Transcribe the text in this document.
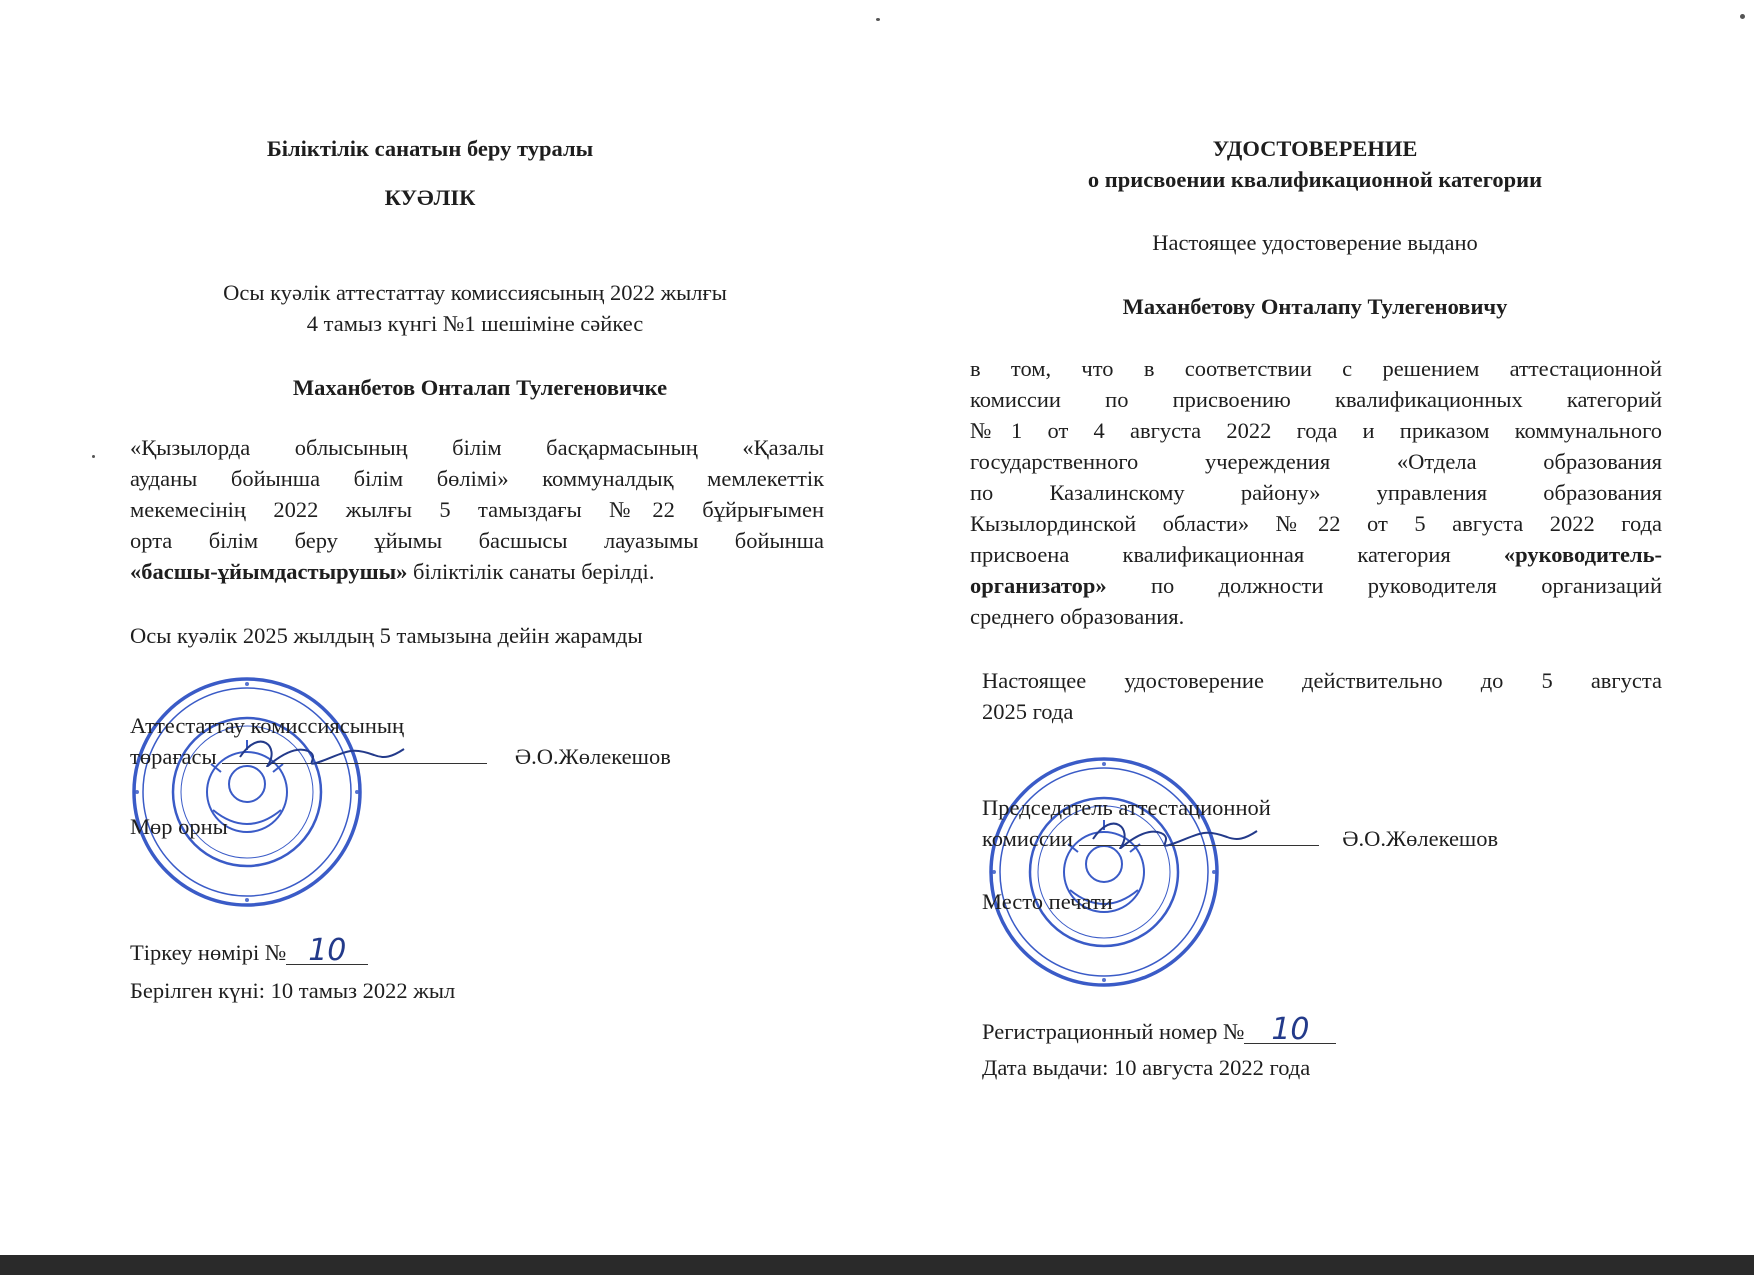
Біліктілік санатын беру туралы
КУӘЛІК
Осы куәлік аттестаттау комиссиясының 2022 жылғы
4 тамыз күнгі №1 шешіміне сәйкес
Маханбетов Онталап Тулегеновичке
«Қызылорда облысының білім басқармасының «Қазалы
ауданы бойынша білім бөлімі» коммуналдық мемлекеттік
мекемесінің 2022 жылғы 5 тамыздағы №22 бұйрығымен
орта білім беру ұйымы басшысы лауазымы бойынша
«басшы-ұйымдастырушы» біліктілік санаты берілді.
Осы куәлік 2025 жылдың 5 тамызына дейін жарамды
Аттестаттау комиссиясының
төрағасы	Ә.О.Жөлекешов
Мөр орны
Тіркеу нөмірі № 10
Берілген күні: 10 тамыз 2022 жыл
УДОСТОВЕРЕНИЕ
о присвоении квалификационной категории
Настоящее удостоверение выдано
Маханбетову Онталапу Тулегеновичу
в том, что в соответствии с решением аттестационной
комиссии по присвоению квалификационных категорий
№1 от 4 августа 2022 года и приказом коммунального
государственного учереждения «Отдела образования
по Казалинскому району» управления образования
Кызылординской области» №22 от 5 августа 2022 года
присвоена квалификационная категория «руководитель-
организатор» по должности руководителя организаций
среднего образования.
Настоящее удостоверение действительно до 5 августа
2025 года
Председатель аттестационной
комиссии	Ә.О.Жөлекешов
Место печати
Регистрационный номер № 10
Дата выдачи: 10 августа 2022 года
